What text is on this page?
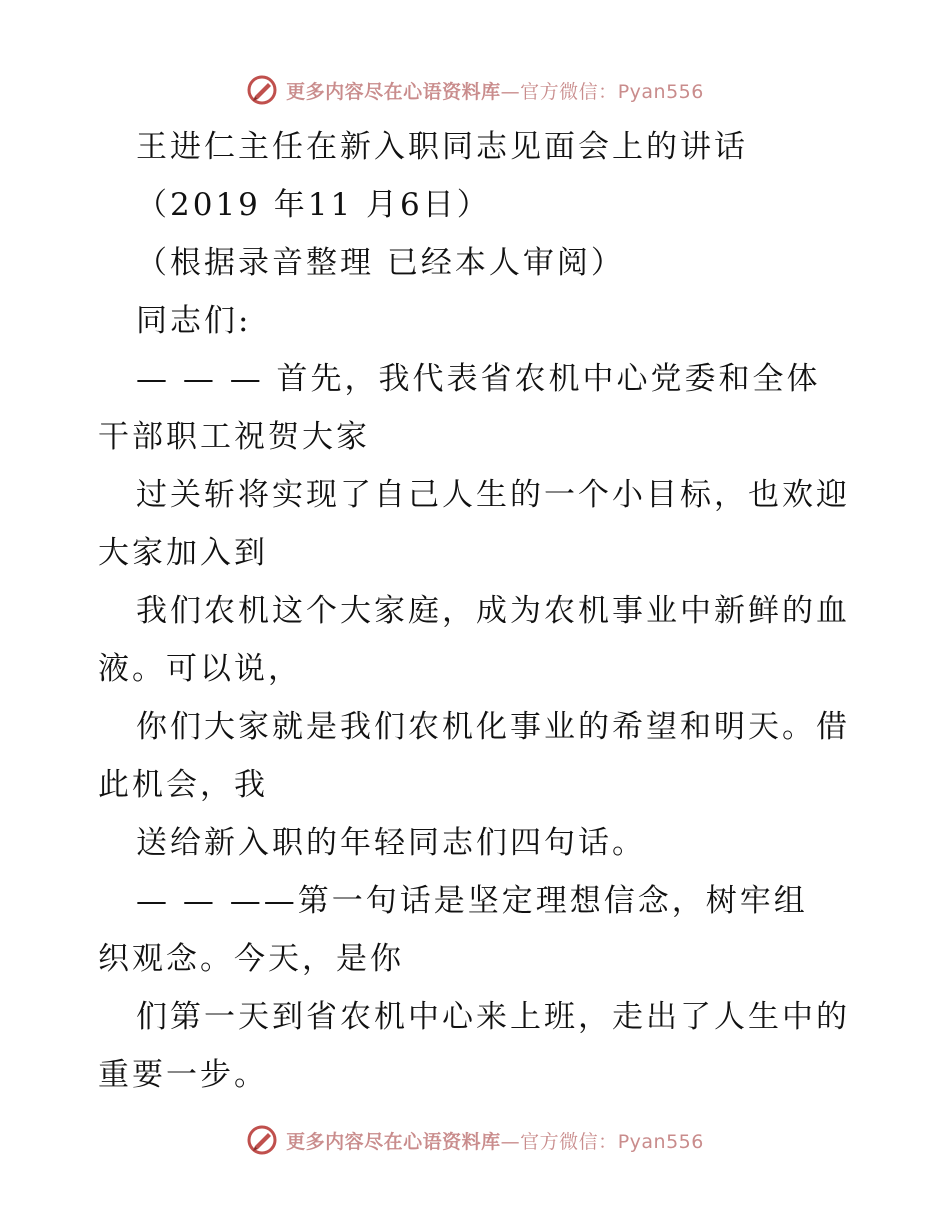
更多内容尽在心语资料库—官方微信：Pyan556
王进仁主任在新入职同志见面会上的讲话
（2019 年11 月6日）
（根据录音整理 已经本人审阅）
同志们:
— — — 首先，我代表省农机中心党委和全体
干部职工祝贺大家
过关斩将实现了自己人生的一个小目标，也欢迎
大家加入到
我们农机这个大家庭，成为农机事业中新鲜的血
液。可以说，
你们大家就是我们农机化事业的希望和明天。借
此机会，我
送给新入职的年轻同志们四句话。
— — ——第一句话是坚定理想信念，树牢组
织观念。今天，是你
们第一天到省农机中心来上班，走出了人生中的
重要一步。
更多内容尽在心语资料库—官方微信：Pyan556
